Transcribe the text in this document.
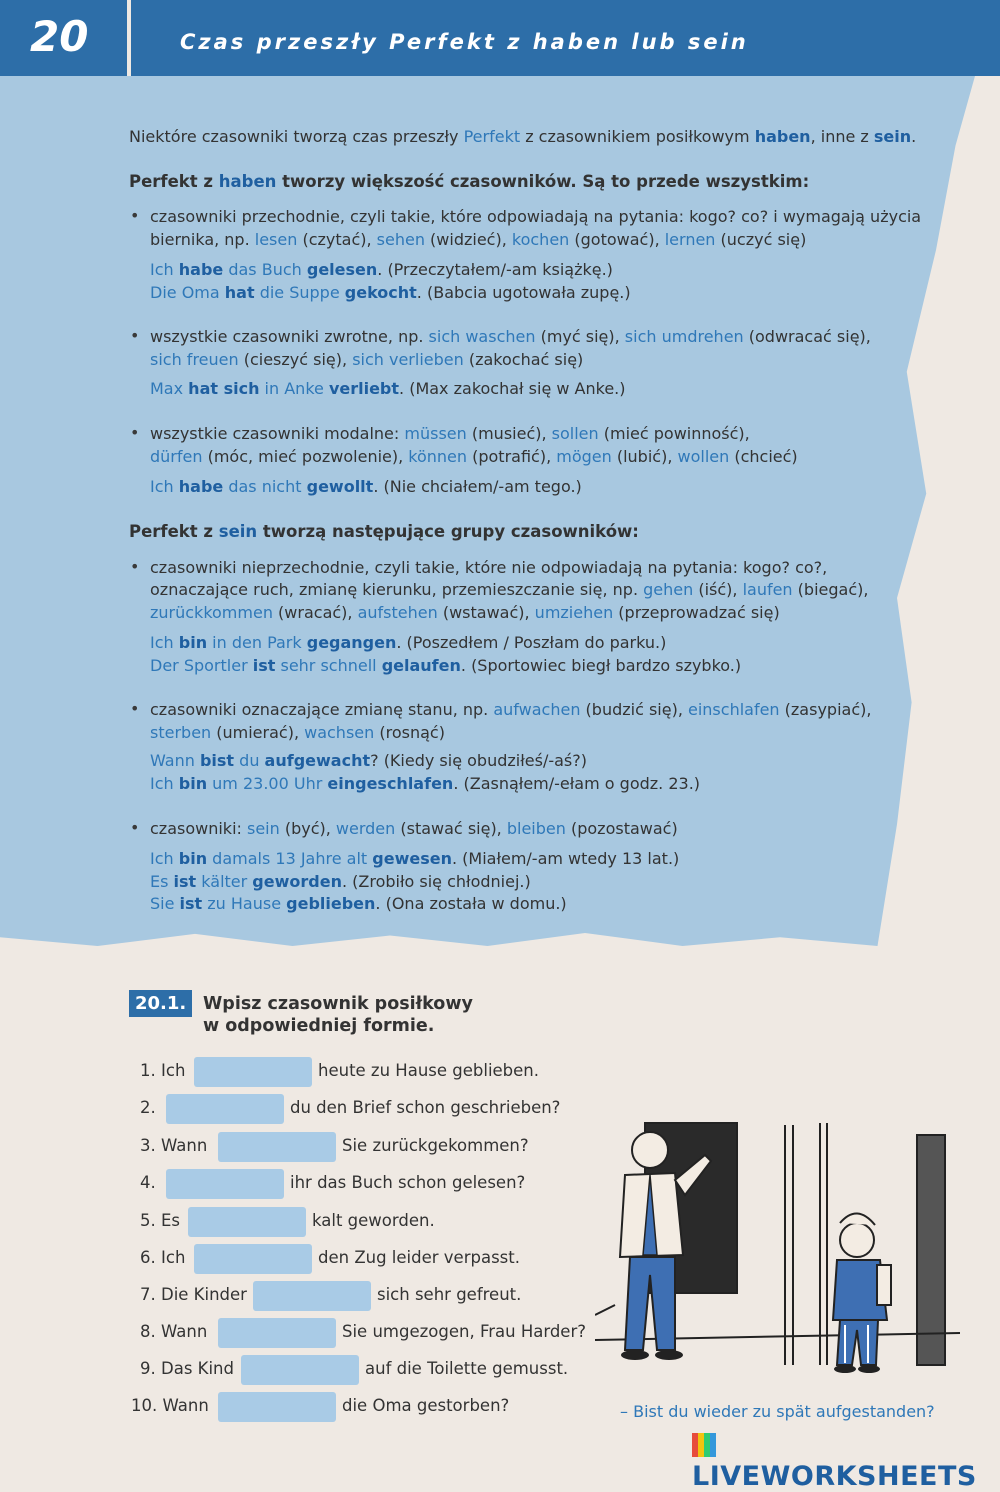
20	Czas przeszły Perfekt z haben lub sein
Niektóre czasowniki tworzą czas przeszły Perfekt z czasownikiem posiłkowym haben, inne z sein.
Perfekt z haben tworzy większość czasowników. Są to przede wszystkim:
• czasowniki przechodnie, czyli takie, które odpowiadają na pytania: kogo? co? i wymagają użycia
biernika, np. lesen (czytać), sehen (widzieć), kochen (gotować), lernen (uczyć się)
Ich habe das Buch gelesen. (Przeczytałem/-am książkę.)
Die Oma hat die Suppe gekocht. (Babcia ugotowała zupę.)
• wszystkie czasowniki zwrotne, np. sich waschen (myć się), sich umdrehen (odwracać się),
sich freuen (cieszyć się), sich verlieben (zakochać się)
Max hat sich in Anke verliebt. (Max zakochał się w Anke.)
• wszystkie czasowniki modalne: müssen (musieć), sollen (mieć powinność),
dürfen (móc, mieć pozwolenie), können (potrafić), mögen (lubić), wollen (chcieć)
Ich habe das nicht gewollt. (Nie chciałem/-am tego.)
Perfekt z sein tworzą następujące grupy czasowników:
• czasowniki nieprzechodnie, czyli takie, które nie odpowiadają na pytania: kogo? co?,
oznaczające ruch, zmianę kierunku, przemieszczanie się, np. gehen (iść), laufen (biegać),
zurückkommen (wracać), aufstehen (wstawać), umziehen (przeprowadzać się)
Ich bin in den Park gegangen. (Poszedłem / Poszłam do parku.)
Der Sportler ist sehr schnell gelaufen. (Sportowiec biegł bardzo szybko.)
• czasowniki oznaczające zmianę stanu, np. aufwachen (budzić się), einschlafen (zasypiać),
sterben (umierać), wachsen (rosnąć)
Wann bist du aufgewacht? (Kiedy się obudziłeś/-aś?)
Ich bin um 23.00 Uhr eingeschlafen. (Zasnąłem/-ełam o godz. 23.)
• czasowniki: sein (być), werden (stawać się), bleiben (pozostawać)
Ich bin damals 13 Jahre alt gewesen. (Miałem/-am wtedy 13 lat.)
Es ist kälter geworden. (Zrobiło się chłodniej.)
Sie ist zu Hause geblieben. (Ona została w domu.)
20.1. Wpisz czasownik posiłkowy
w odpowiedniej formie.
1. Ich	heute zu Hause geblieben.
2.	du den Brief schon geschrieben?
3. Wann	Sie zurückgekommen?
4.	ihr das Buch schon gelesen?
5. Es	kalt geworden.
6. Ich	den Zug leider verpasst.
7. Die Kinder	sich sehr gefreut.
8. Wann	Sie umgezogen, Frau Harder?
9. Das Kind	auf die Toilette gemusst.
10. Wann	die Oma gestorben?	– Bist du wieder zu spät aufgestanden?
LIVEWORKSHEETS
